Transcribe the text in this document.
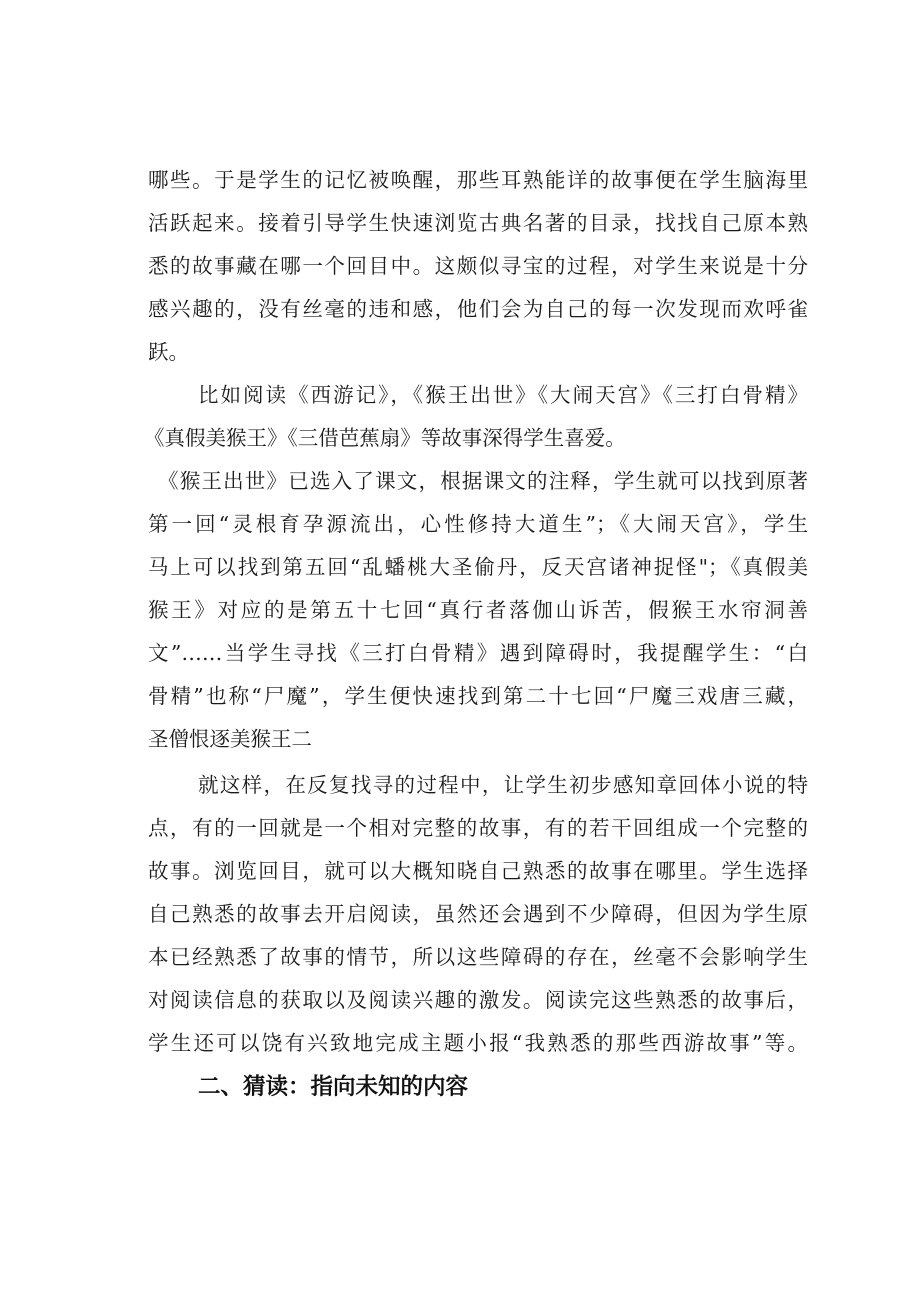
哪些。于是学生的记忆被唤醒，那些耳熟能详的故事便在学生脑海里

活跃起来。接着引导学生快速浏览古典名著的目录，找找自己原本熟

悉的故事藏在哪一个回目中。这颇似寻宝的过程，对学生来说是十分

感兴趣的，没有丝毫的违和感，他们会为自己的每一次发现而欢呼雀

跃。

比如阅读《西游记》，《猴王出世》《大闹天宫》《三打白骨精》

《真假美猴王》《三借芭蕉扇》等故事深得学生喜爱。

《猴王出世》已选入了课文，根据课文的注释，学生就可以找到原著

第一回“灵根育孕源流出，心性修持大道生”；《大闹天宫》，学生

马上可以找到第五回“乱蟠桃大圣偷丹，反天宫诸神捉怪"；《真假美

猴王》对应的是第五十七回“真行者落伽山诉苦，假猴王水帘洞善

文”……当学生寻找《三打白骨精》遇到障碍时，我提醒学生：“白

骨精”也称“尸魔”，学生便快速找到第二十七回“尸魔三戏唐三藏，

圣僧恨逐美猴王二

就这样，在反复找寻的过程中，让学生初步感知章回体小说的特

点，有的一回就是一个相对完整的故事，有的若干回组成一个完整的

故事。浏览回目，就可以大概知晓自己熟悉的故事在哪里。学生选择

自己熟悉的故事去开启阅读，虽然还会遇到不少障碍，但因为学生原

本已经熟悉了故事的情节，所以这些障碍的存在，丝毫不会影响学生

对阅读信息的获取以及阅读兴趣的激发。阅读完这些熟悉的故事后，

学生还可以饶有兴致地完成主题小报“我熟悉的那些西游故事”等。

二、猜读：指向未知的内容
